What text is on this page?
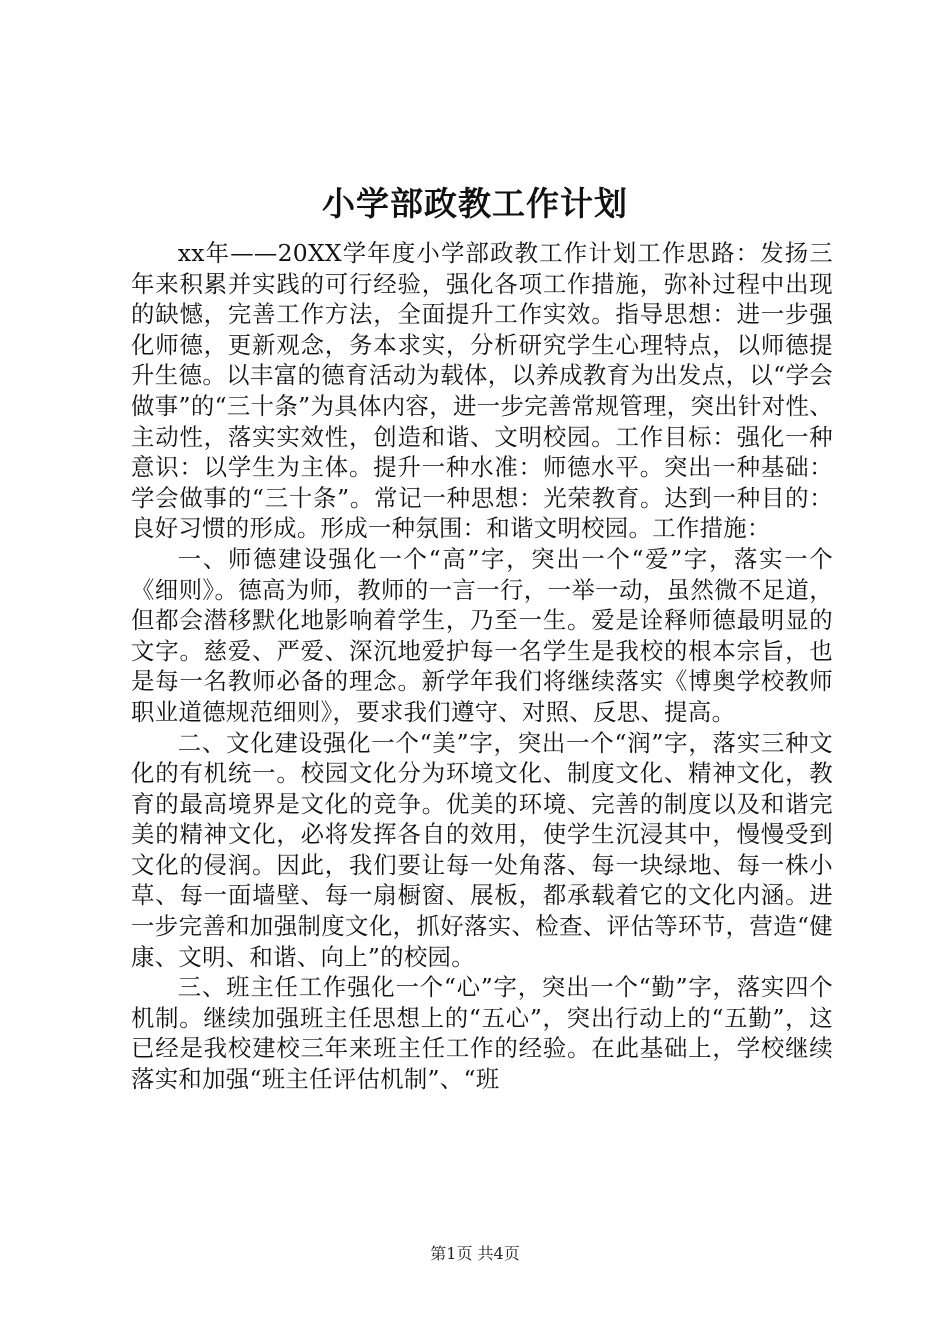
小学部政教工作计划

xx年——20XX学年度小学部政教工作计划工作思路：发扬三年来积累并实践的可行经验，强化各项工作措施，弥补过程中出现的缺憾，完善工作方法，全面提升工作实效。指导思想：进一步强化师德，更新观念，务本求实，分析研究学生心理特点，以师德提升生德。以丰富的德育活动为载体，以养成教育为出发点，以“学会做事”的“三十条”为具体内容，进一步完善常规管理，突出针对性、主动性，落实实效性，创造和谐、文明校园。工作目标：强化一种意识：以学生为主体。提升一种水准：师德水平。突出一种基础：学会做事的“三十条”。常记一种思想：光荣教育。达到一种目的：良好习惯的形成。形成一种氛围：和谐文明校园。工作措施：

一、师德建设强化一个“高”字，突出一个“爱”字，落实一个《细则》。德高为师，教师的一言一行，一举一动，虽然微不足道，但都会潜移默化地影响着学生，乃至一生。爱是诠释师德最明显的文字。慈爱、严爱、深沉地爱护每一名学生是我校的根本宗旨，也是每一名教师必备的理念。新学年我们将继续落实《博奥学校教师职业道德规范细则》，要求我们遵守、对照、反思、提高。

二、文化建设强化一个“美”字，突出一个“润”字，落实三种文化的有机统一。校园文化分为环境文化、制度文化、精神文化，教育的最高境界是文化的竞争。优美的环境、完善的制度以及和谐完美的精神文化，必将发挥各自的效用，使学生沉浸其中，慢慢受到文化的侵润。因此，我们要让每一处角落、每一块绿地、每一株小草、每一面墙壁、每一扇橱窗、展板，都承载着它的文化内涵。进一步完善和加强制度文化，抓好落实、检查、评估等环节，营造“健康、文明、和谐、向上”的校园。

三、班主任工作强化一个“心”字，突出一个“勤”字，落实四个机制。继续加强班主任思想上的“五心”，突出行动上的“五勤”，这已经是我校建校三年来班主任工作的经验。在此基础上，学校继续落实和加强“班主任评估机制”、“班

第1页 共4页
